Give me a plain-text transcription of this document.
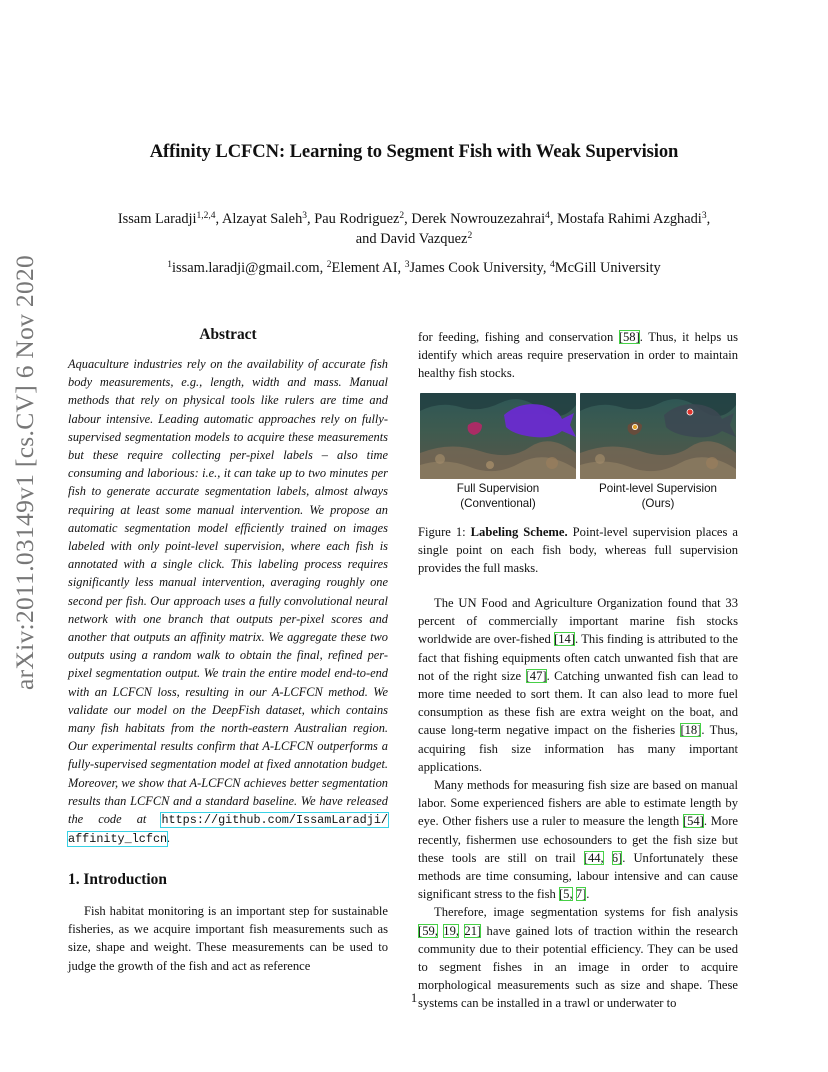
arXiv:2011.03149v1 [cs.CV] 6 Nov 2020
Affinity LCFCN: Learning to Segment Fish with Weak Supervision
Issam Laradji$^{1,2,4}$, Alzayat Saleh$^3$, Pau Rodriguez$^2$, Derek Nowrouzezahrai$^4$, Mostafa Rahimi Azghadi$^3$,
and David Vazquez$^2$
$^1$issam.laradji@gmail.com, $^2$Element AI, $^3$James Cook University, $^4$McGill University
Abstract
Aquaculture industries rely on the availability of accurate fish body measurements, e.g., length, width and mass. Manual methods that rely on physical tools like rulers are time and labour intensive. Leading automatic approaches rely on fully-supervised segmentation models to acquire these measurements but these require collecting per-pixel labels – also time consuming and laborious: i.e., it can take up to two minutes per fish to generate accurate segmentation labels, almost always requiring at least some manual intervention. We propose an automatic segmentation model efficiently trained on images labeled with only point-level supervision, where each fish is annotated with a single click. This labeling process requires significantly less manual intervention, averaging roughly one second per fish. Our approach uses a fully convolutional neural network with one branch that outputs per-pixel scores and another that outputs an affinity matrix. We aggregate these two outputs using a random walk to obtain the final, refined per-pixel segmentation output. We train the entire model end-to-end with an LCFCN loss, resulting in our A-LCFCN method. We validate our model on the DeepFish dataset, which contains many fish habitats from the north-eastern Australian region. Our experimental results confirm that A-LCFCN outperforms a fully-supervised segmentation model at fixed annotation budget. Moreover, we show that A-LCFCN achieves better segmentation results than LCFCN and a standard baseline. We have released the code at https://github.com/IssamLaradji/ affinity_lcfcn.
1. Introduction

Fish habitat monitoring is an important step for sustainable fisheries, as we acquire important fish measurements such as size, shape and weight. These measurements can be used to judge the growth of the fish and act as reference

for feeding, fishing and conservation [58]. Thus, it helps us identify which areas require preservation in order to maintain healthy fish stocks.

Full Supervision
(Conventional)
Point-level Supervision
(Ours)

Figure 1: Labeling Scheme. Point-level supervision places a single point on each fish body, whereas full supervision provides the full masks.

The UN Food and Agriculture Organization found that 33 percent of commercially important marine fish stocks worldwide are over-fished [14]. This finding is attributed to the fact that fishing equipments often catch unwanted fish that are not of the right size [47]. Catching unwanted fish can lead to more time needed to sort them. It can also lead to more fuel consumption as these fish are extra weight on the boat, and cause long-term negative impact on the fisheries [18]. Thus, acquiring fish size information has many important applications.

Many methods for measuring fish size are based on manual labor. Some experienced fishers are able to estimate length by eye. Other fishers use a ruler to measure the length [54]. More recently, fishermen use echosounders to get the fish size but these tools are still on trail [44, 6]. Unfortunately these methods are time consuming, labour intensive and can cause significant stress to the fish [5, 7].

Therefore, image segmentation systems for fish analysis [59, 19, 21] have gained lots of traction within the research community due to their potential efficiency. They can be used to segment fishes in an image in order to acquire morphological measurements such as size and shape. These systems can be installed in a trawl or underwater to

1
